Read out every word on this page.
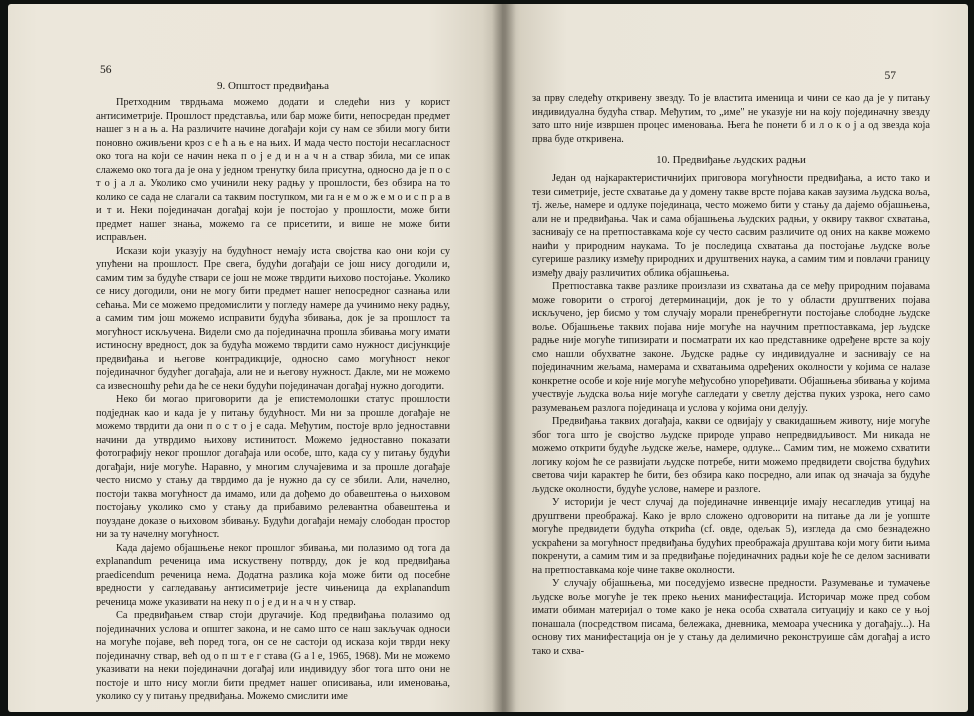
56
9. Општост предвиђања

Претходним тврдњама можемо додати и следећи низ у корист антисиметрије. Прошлост представља, или бар може бити, непосредан предмет нашег з н а њ а. На различите начине догађаји који су нам се збили могу бити поновно оживљени кроз с е ћ а њ е на њих. И мада често постоји несагласност око тога на који се начин нека п о ј е д и н а ч н а ствар збила, ми се ипак слажемо око тога да је она у једном тренутку била присутна, односно да је п о с т о ј а л а. Уколико смо учинили неку радњу у прошлости, без обзира на то колико се сада не слагали са таквим поступком, ми га н е м о ж е м о и с п р а в и т и. Неки појединачан догађај који је постојао у прошлости, може бити предмет нашег знања, можемо га се присетити, и више не може бити исправљен.

Искази који указују на будућност немају иста својства као они који су упућени на прошлост. Пре свега, будући догађаји се још нису догодили и, самим тим за будуће ствари се још не може тврдити њихово постојање. Уколико се нису догодили, они не могу бити предмет нашег непосредног сазнања или сећања. Ми се можемо предомислити у погледу намере да учинимо неку радњу, а самим тим још можемо исправити будућа збивања, док је за прошлост та могућност искључена. Видели смо да појединачна прошла збивања могу имати истиносну вредност, док за будућа можемо тврдити само нужност дисјункције предвиђања и његове контрадикције, односно само могућност неког појединачног будућег догађаја, али не и његову нужност. Дакле, ми не можемо са извесношћу рећи да ће се неки будући појединачан догађај нужно догодити.

Неко би могао приговорити да је епистемолошки статус прошлости подједнак као и када је у питању будућност. Ми ни за прошле догађаје не можемо тврдити да они п о с т о ј е сада. Међутим, постоје врло једноставни начини да утврдимо њихову истинитост. Можемо једноставно показати фотографију неког прошлог догађаја или особе, што, када су у питању будући догађаји, није могуће. Наравно, у многим случајевима и за прошле догађаје често нисмо у стању да тврдимо да је нужно да су се збили. Али, начелно, постоји таква могућност да имамо, или да дођемо до обавештења о њиховом постојању уколико смо у стању да прибавимо релевантна обавештења и поуздане доказе о њиховом збивању. Будући догађаји немају слободан простор ни за ту начелну могућност.

Када дајемо објашњење неког прошлог збивања, ми полазимо од тога да explanandum реченица има искуствену потврду, док је код предвиђања praedicendum реченица нема. Додатна разлика која може бити од посебне вредности у сагледавању антисиметрије јесте чињеница да explanandum реченица може указивати на неку п о ј е д и н а ч н у ствар.

Са предвиђањем ствар стоји другачије. Код предвиђања полазимо од појединачних услова и општег закона, и не само што се наш закључак односи на могуће појаве, већ поред тога, он се не састоји од исказа који тврди неку појединачну ствар, већ од о п ш т е г става (G a l e, 1965, 1968). Ми не можемо указивати на неки појединачни догађај или индивидуу због тога што они не постоје и што нису могли бити предмет нашег описивања, или именовања, уколико су у питању предвиђања. Можемо смислити име

57

за прву следећу откривену звезду. То је властита именица и чини се као да је у питању индивидуална будућа ствар. Међутим, то „име" не указује ни на коју појединачну звезду зато што није извршен процес именовања. Њега ће понети б и л о к о ј а од звезда која прва буде откривена.

10. Предвиђање људских радњи

Један од најкарактеристичнијих приговора могућности предвиђања, а исто тако и тези симетрије, јесте схватање да у домену такве врсте појава какав заузима људска воља, тј. жеље, намере и одлуке појединаца, често можемо бити у стању да дајемо објашњења, али не и предвиђања. Чак и сама објашњења људских радњи, у оквиру таквог схватања, заснивају се на претпоставкама које су често сасвим различите од оних на какве можемо наићи у природним наукама. То је последица схватања да постојање људске воље сугерише разлику између природних и друштвених наука, а самим тим и повлачи границу између двају различитих облика објашњења.

Претпоставка такве разлике произлази из схватања да се међу природним појавама може говорити о строгој детерминацији, док је то у области друштвених појава искључено, јер бисмо у том случају морали пренебрегнути постојање слободне људске воље. Објашњење таквих појава није могуће на научним претпоставкама, јер људске радње није могуће типизирати и посматрати их као представнике одређене врсте за коју смо нашли обухватне законе. Људске радње су индивидуалне и заснивају се на појединачним жељама, намерама и схватањима одређених околности у којима се налазе конкретне особе и које није могуће међусобно упоређивати. Објашњења збивања у којима учествује људска воља није могуће сагледати у светлу дејства пуких узрока, него само разумевањем разлога појединаца и услова у којима они делују.

Предвиђања таквих догађаја, какви се одвијају у свакидашњем животу, није могуће због тога што је својство људске природе управо непредвидљивост. Ми никада не можемо открити будуће људске жеље, намере, одлуке... Самим тим, не можемо схватити логику којом ће се развијати људске потребе, нити можемо предвидети својства будућих светова чији карактер ће бити, без обзира како посредно, али ипак од значаја за будуће људске околности, будуће услове, намере и разлоге.

У историји је чест случај да појединачне инвенције имају несагледив утицај на друштвени преображај. Како је врло сложено одговорити на питање да ли је уопште могуће предвидети будућа открића (cf. овде, одељак 5), изгледа да смо безнадежно ускраћени за могућност предвиђања будућих преображаја друштава који могу бити њима покренути, а самим тим и за предвиђање појединачних радњи које ће се делом заснивати на претпоставкама које чине такве околности.

У случају објашњења, ми поседујемо извесне предности. Разумевање и тумачење људске воље могуће је тек преко њених манифестација. Историчар може пред собом имати обиман материјал о томе какo је нека особа схватала ситуацију и како се у њој понашала (посредством писама, бележака, дневника, мемоара учесника у догађају...). На основу тих манифестација он је у стању да делимично реконструише сâм догађај а исто тако и схва-
